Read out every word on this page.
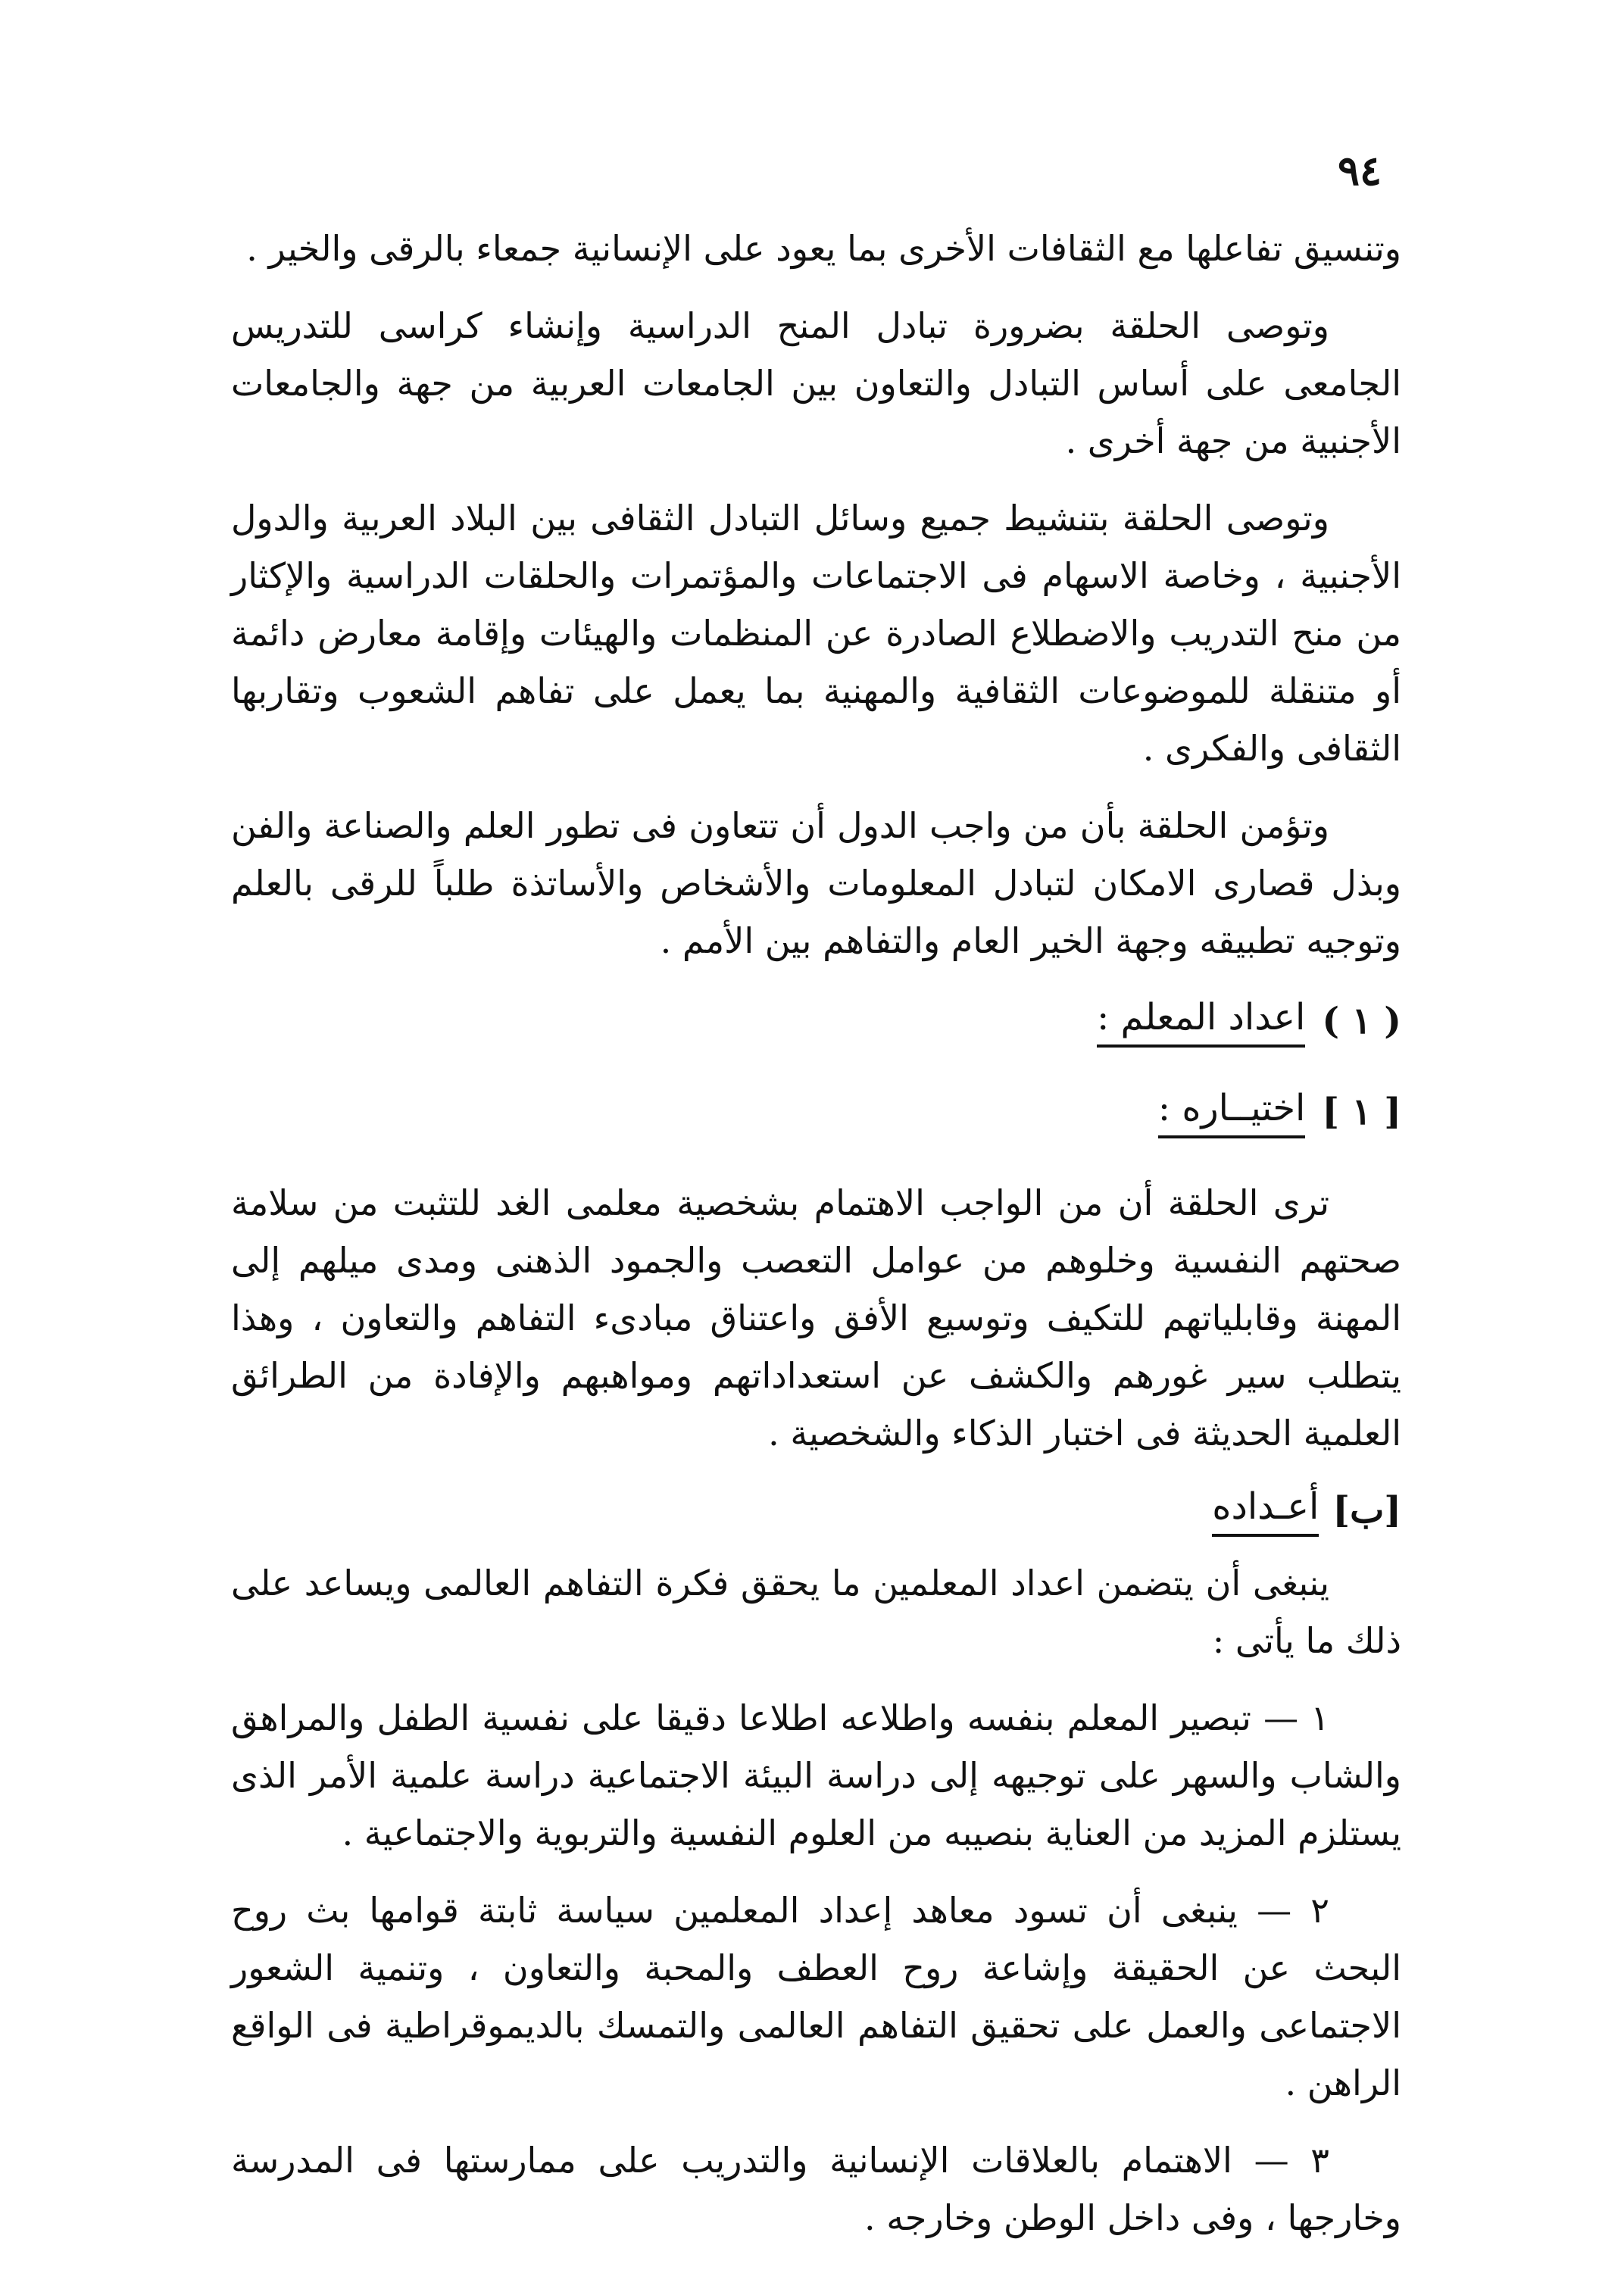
٩٤

وتنسيق تفاعلها مع الثقافات الأخرى بما يعود على الإنسانية جمعاء بالرقى والخير .

وتوصى الحلقة بضرورة تبادل المنح الدراسية وإنشاء كراسى للتدريس الجامعى على أساس التبادل والتعاون بين الجامعات العربية من جهة والجامعات الأجنبية من جهة أخرى .

وتوصى الحلقة بتنشيط جميع وسائل التبادل الثقافى بين البلاد العربية والدول الأجنبية ، وخاصة الاسهام فى الاجتماعات والمؤتمرات والحلقات الدراسية والإكثار من منح التدريب والاضطلاع الصادرة عن المنظمات والهيئات وإقامة معارض دائمة أو متنقلة للموضوعات الثقافية والمهنية بما يعمل على تفاهم الشعوب وتقاربها الثقافى والفكرى .

وتؤمن الحلقة بأن من واجب الدول أن تتعاون فى تطور العلم والصناعة والفن وبذل قصارى الامكان لتبادل المعلومات والأشخاص والأساتذة طلباً للرقى بالعلم وتوجيه تطبيقه وجهة الخير العام والتفاهم بين الأمم .

( ١ )
اعداد المعلم :
[ ١ ]
اختيــاره :

ترى الحلقة أن من الواجب الاهتمام بشخصية معلمى الغد للتثبت من سلامة صحتهم النفسية وخلوهم من عوامل التعصب والجمود الذهنى ومدى ميلهم إلى المهنة وقابلياتهم للتكيف وتوسيع الأفق واعتناق مبادىء التفاهم والتعاون ، وهذا يتطلب سير غورهم والكشف عن استعداداتهم ومواهبهم والإفادة من الطرائق العلمية الحديثة فى اختبار الذكاء والشخصية .

[ب]
أعـداده

ينبغى أن يتضمن اعداد المعلمين ما يحقق فكرة التفاهم العالمى ويساعد على ذلك ما يأتى :

١ — تبصير المعلم بنفسه واطلاعه اطلاعا دقيقا على نفسية الطفل والمراهق والشاب والسهر على توجيهه إلى دراسة البيئة الاجتماعية دراسة علمية الأمر الذى يستلزم المزيد من العناية بنصيبه من العلوم النفسية والتربوية والاجتماعية .

٢ — ينبغى أن تسود معاهد إعداد المعلمين سياسة ثابتة قوامها بث روح البحث عن الحقيقة وإشاعة روح العطف والمحبة والتعاون ، وتنمية الشعور الاجتماعى والعمل على تحقيق التفاهم العالمى والتمسك بالديموقراطية فى الواقع الراهن .

٣ — الاهتمام بالعلاقات الإنسانية والتدريب على ممارستها فى المدرسة وخارجها ، وفى داخل الوطن وخارجه .
